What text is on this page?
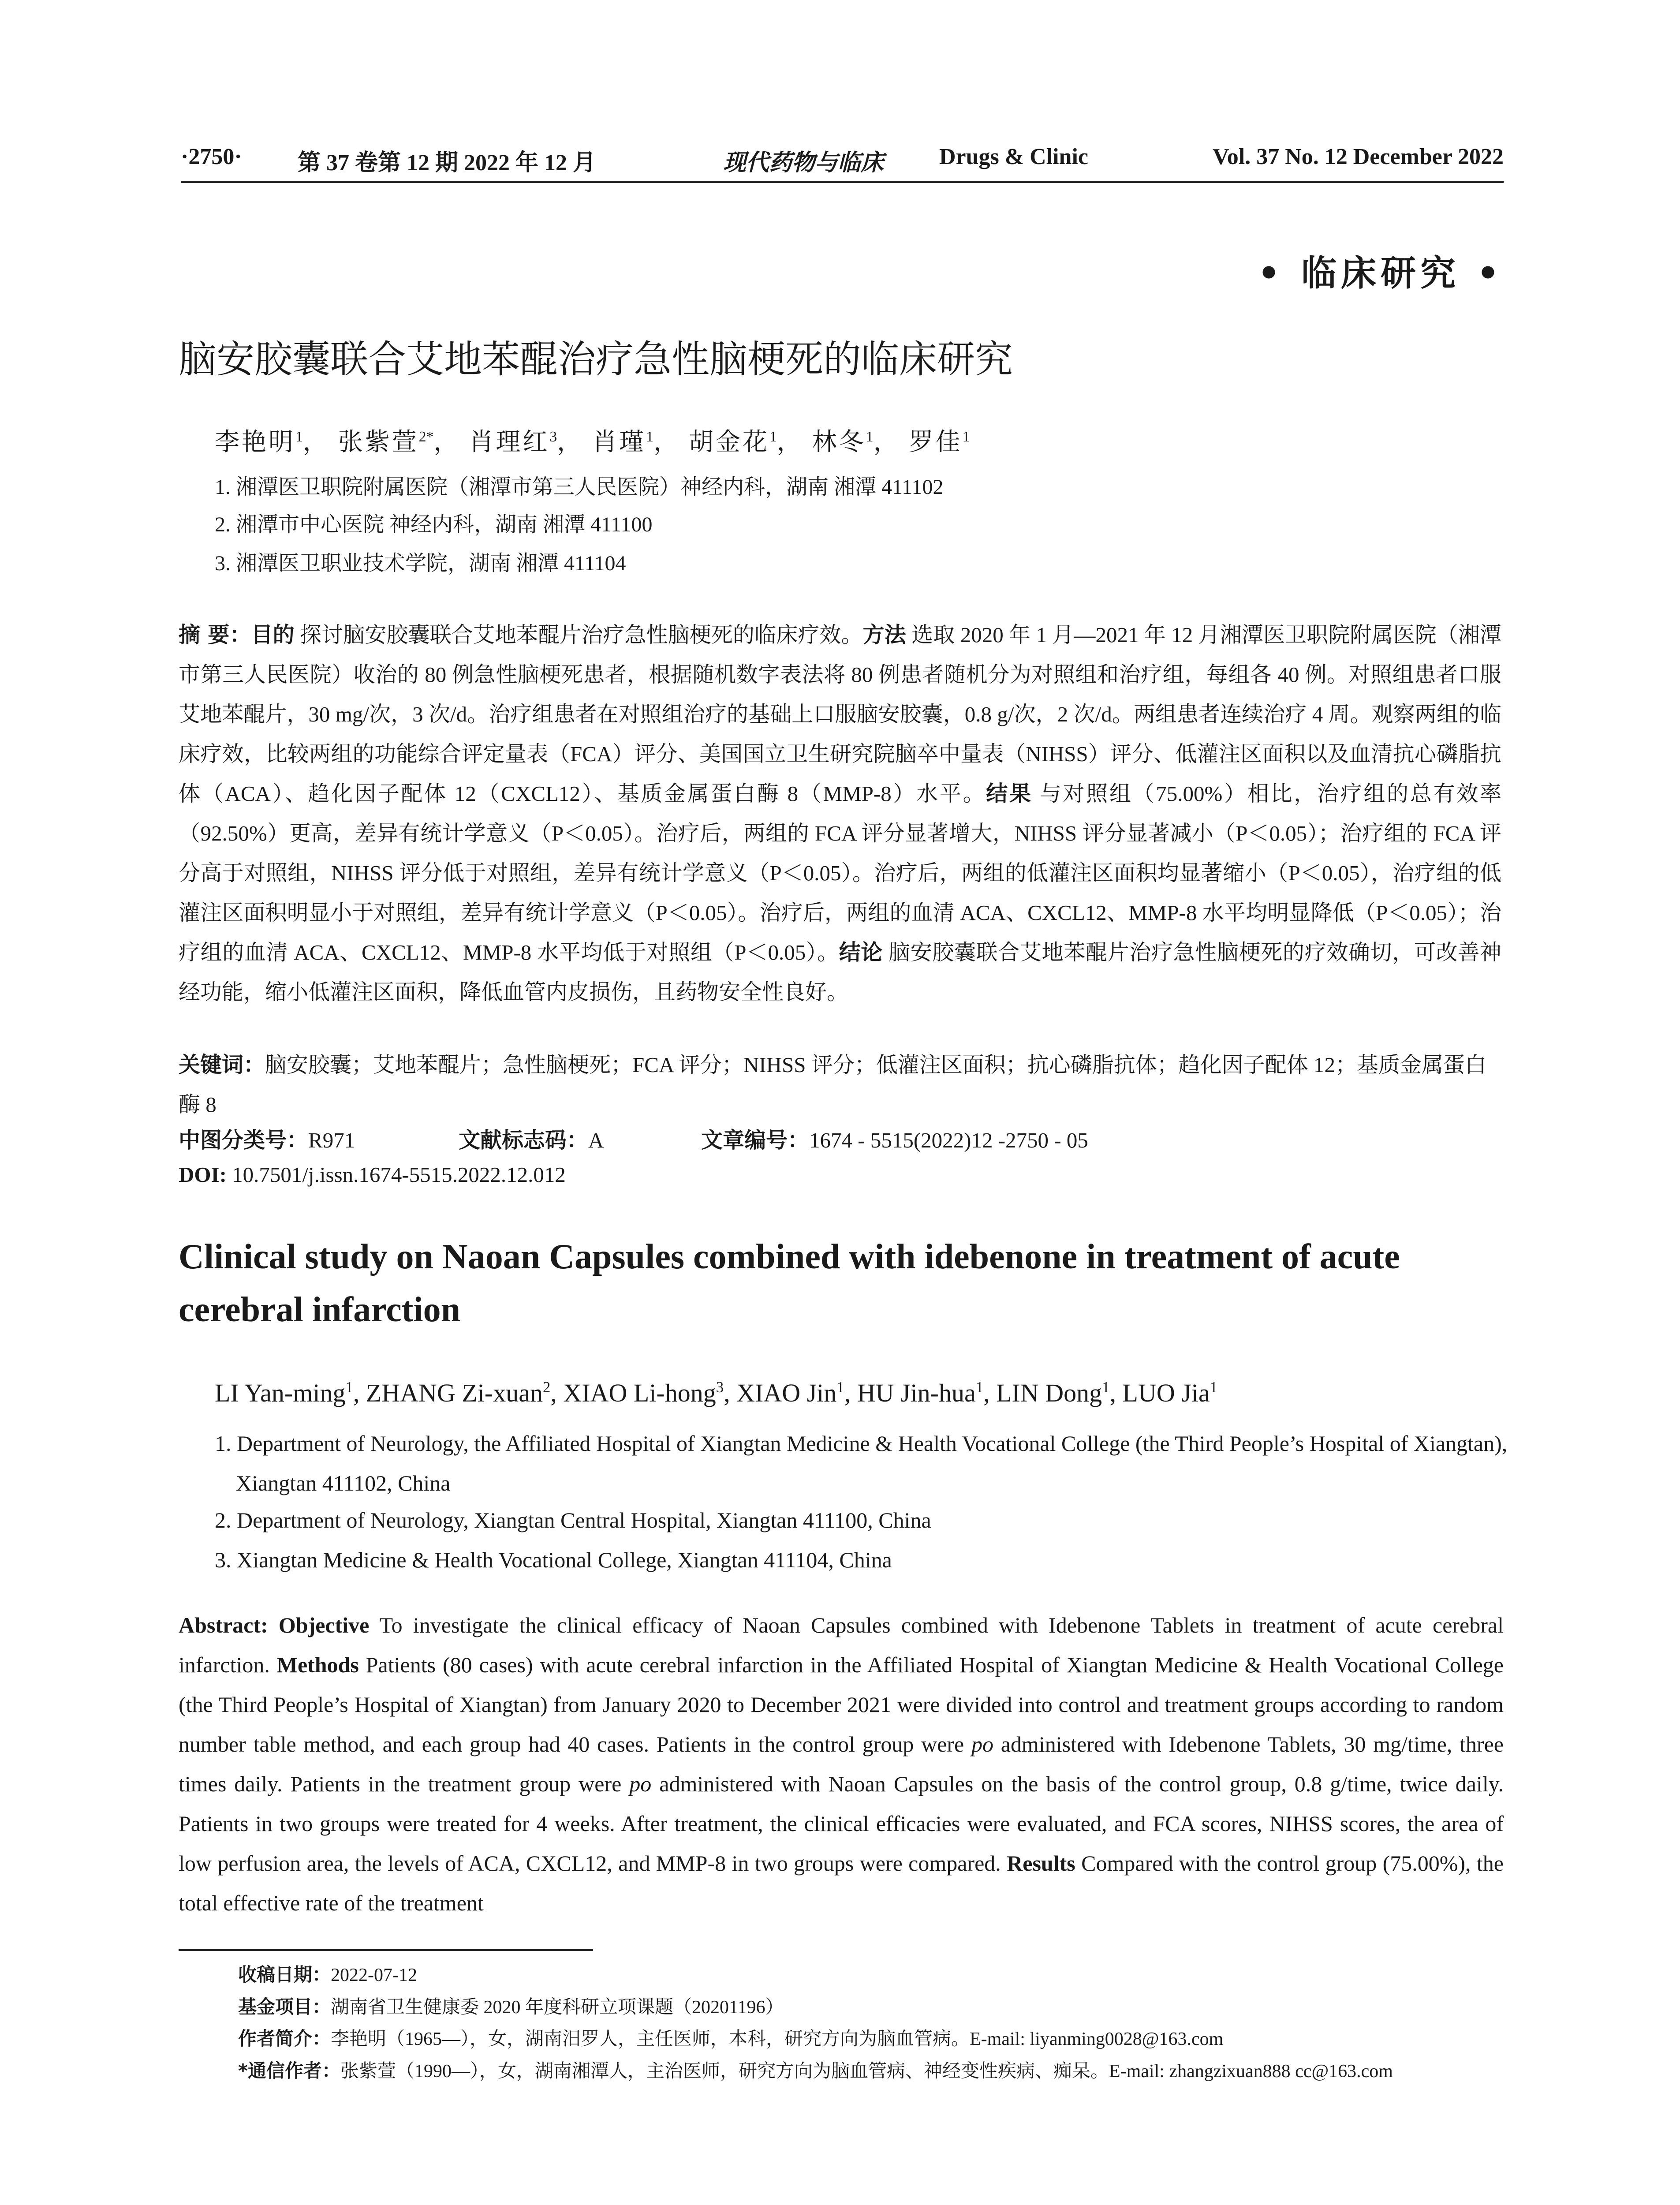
·2750· 第 37 卷第 12 期 2022 年 12 月	现代药物与临床 Drugs & Clinic	Vol. 37 No. 12 December 2022
• 临床研究 •
脑安胶囊联合艾地苯醌治疗急性脑梗死的临床研究
李艳明$^1$， 张紫萱$^{2*}$， 肖理红$^3$， 肖瑾$^1$， 胡金花$^1$， 林冬$^1$， 罗佳$^1$
1. 湘潭医卫职院附属医院（湘潭市第三人民医院）神经内科，湖南 湘潭 411102
2. 湘潭市中心医院 神经内科，湖南 湘潭 411100
3. 湘潭医卫职业技术学院，湖南 湘潭 411104
摘 要：目的 探讨脑安胶囊联合艾地苯醌片治疗急性脑梗死的临床疗效。方法 选取 2020 年 1 月—2021 年 12 月湘潭医卫职院附属医院（湘潭市第三人民医院）收治的 80 例急性脑梗死患者，根据随机数字表法将 80 例患者随机分为对照组和治疗组，每组各 40 例。对照组患者口服艾地苯醌片，30 mg/次，3 次/d。治疗组患者在对照组治疗的基础上口服脑安胶囊，0.8 g/次，2 次/d。两组患者连续治疗 4 周。观察两组的临床疗效，比较两组的功能综合评定量表（FCA）评分、美国国立卫生研究院脑卒中量表（NIHSS）评分、低灌注区面积以及血清抗心磷脂抗体（ACA）、趋化因子配体 12（CXCL12）、基质金属蛋白酶 8（MMP-8）水平。结果 与对照组（75.00%）相比，治疗组的总有效率（92.50%）更高，差异有统计学意义（P＜0.05）。治疗后，两组的 FCA 评分显著增大，NIHSS 评分显著减小（P＜0.05）；治疗组的 FCA 评分高于对照组，NIHSS 评分低于对照组，差异有统计学意义（P＜0.05）。治疗后，两组的低灌注区面积均显著缩小（P＜0.05），治疗组的低灌注区面积明显小于对照组，差异有统计学意义（P＜0.05）。治疗后，两组的血清 ACA、CXCL12、MMP-8 水平均明显降低（P＜0.05）；治疗组的血清 ACA、CXCL12、MMP-8 水平均低于对照组（P＜0.05）。结论 脑安胶囊联合艾地苯醌片治疗急性脑梗死的疗效确切，可改善神经功能，缩小低灌注区面积，降低血管内皮损伤，且药物安全性良好。
关键词：脑安胶囊；艾地苯醌片；急性脑梗死；FCA 评分；NIHSS 评分；低灌注区面积；抗心磷脂抗体；趋化因子配体 12；基质金属蛋白酶 8
中图分类号：R971	文献标志码：A	文章编号：1674 - 5515(2022)12 -2750 - 05
DOI: 10.7501/j.issn.1674-5515.2022.12.012
Clinical study on Naoan Capsules combined with idebenone in treatment of acute cerebral infarction
LI Yan-ming$^1$, ZHANG Zi-xuan$^2$, XIAO Li-hong$^3$, XIAO Jin$^1$, HU Jin-hua$^1$, LIN Dong$^1$, LUO Jia$^1$
1. Department of Neurology, the Affiliated Hospital of Xiangtan Medicine & Health Vocational College (the Third People’s Hospital of Xiangtan), Xiangtan 411102, China
2. Department of Neurology, Xiangtan Central Hospital, Xiangtan 411100, China
3. Xiangtan Medicine & Health Vocational College, Xiangtan 411104, China
Abstract: Objective To investigate the clinical efficacy of Naoan Capsules combined with Idebenone Tablets in treatment of acute cerebral infarction. Methods Patients (80 cases) with acute cerebral infarction in the Affiliated Hospital of Xiangtan Medicine & Health Vocational College (the Third People’s Hospital of Xiangtan) from January 2020 to December 2021 were divided into control and treatment groups according to random number table method, and each group had 40 cases. Patients in the control group were po administered with Idebenone Tablets, 30 mg/time, three times daily. Patients in the treatment group were po administered with Naoan Capsules on the basis of the control group, 0.8 g/time, twice daily. Patients in two groups were treated for 4 weeks. After treatment, the clinical efficacies were evaluated, and FCA scores, NIHSS scores, the area of low perfusion area, the levels of ACA, CXCL12, and MMP-8 in two groups were compared. Results Compared with the control group (75.00%), the total effective rate of the treatment
收稿日期：2022-07-12
基金项目：湖南省卫生健康委 2020 年度科研立项课题（20201196）
作者简介：李艳明（1965—），女，湖南汨罗人，主任医师，本科，研究方向为脑血管病。E-mail: liyanming0028@163.com
*通信作者：张紫萱（1990—），女，湖南湘潭人，主治医师，研究方向为脑血管病、神经变性疾病、痴呆。E-mail: zhangzixuan888 cc@163.com
